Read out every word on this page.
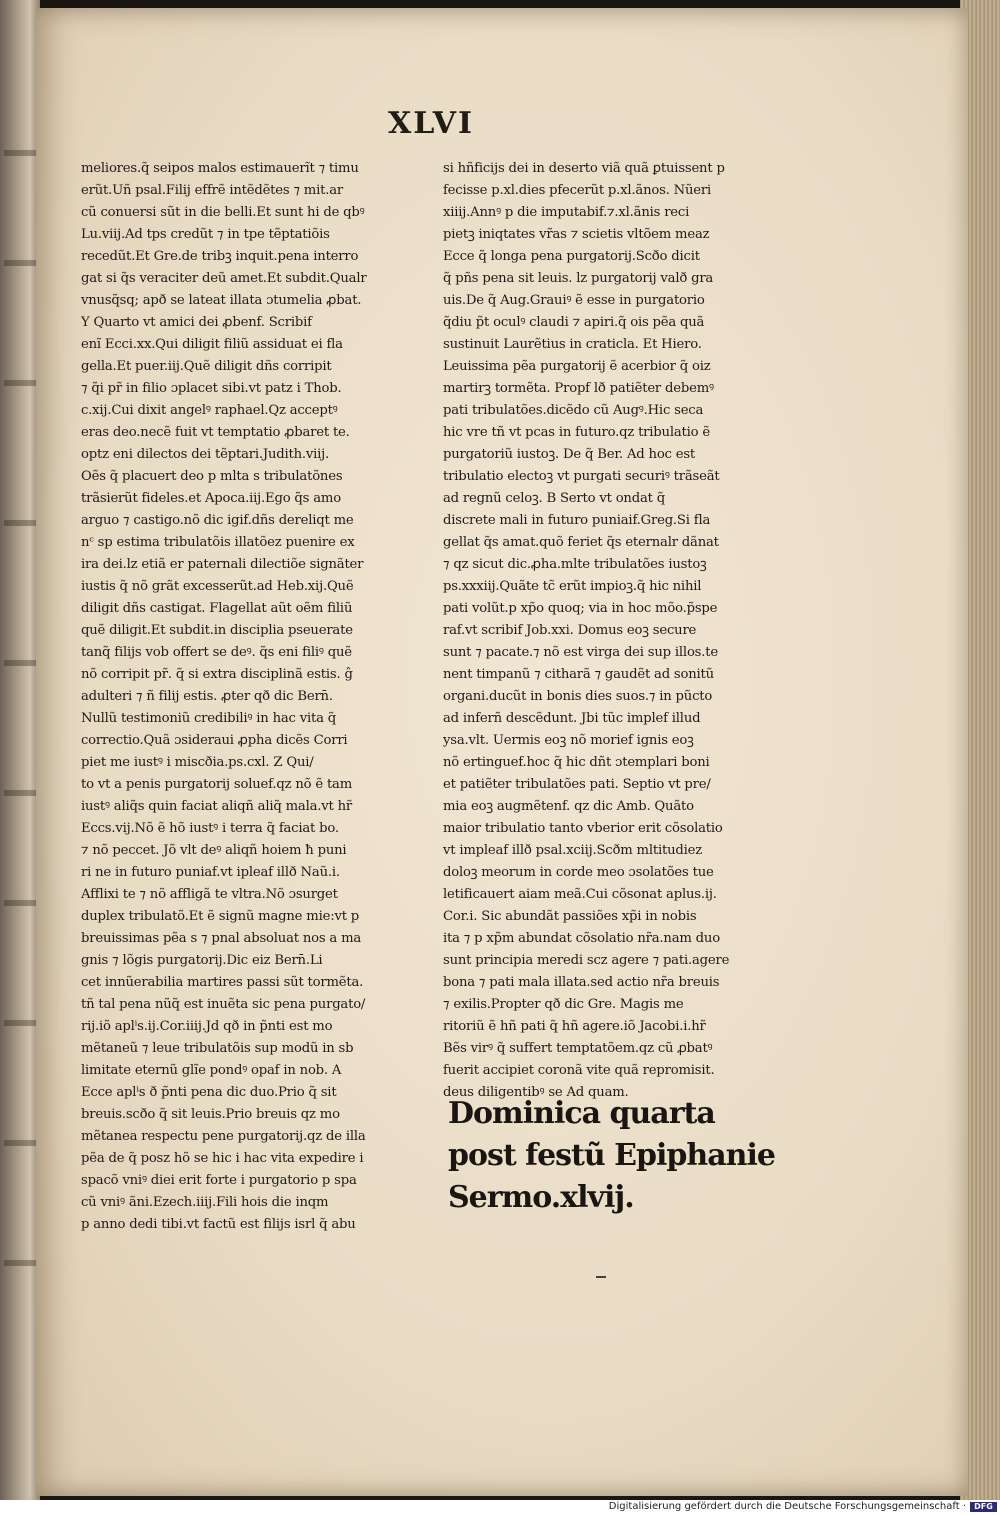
XLVI
meliores.q̃ seipos malos estimauerĩt ⁊ timu
erũt.Uñ psal.Filij effrẽ intẽdẽtes ⁊ mit.ar
cũ conuersi sũt in die belli.Et sunt hi de qbꝰ
Lu.viij.Ad tps credũt ⁊ in tpe tẽptatiõis
recedũt.Et Gre.de tribꝫ inquit.pena interro
gat si q̃s veraciter deũ amet.Et subdit.Qualr
vnusq̃sq; apð se lateat illata ɔtumelia ꝓbat.
Y Quarto vt amici dei ꝓbenf. Scribif
enĩ Ecci.xx.Qui diligit filiũ assiduat ei fla
gella.Et puer.iij.Quẽ diligit dñs corripit
⁊ q̃i pr̃ in filio ɔplacet sibi.vt patz i Thob.
c.xij.Cui dixit angelꝰ raphael.Qz acceptꝰ
eras deo.necẽ fuit vt temptatio ꝓbaret te.
optz eni dilectos dei tẽptari.Judith.viij.
Oẽs q̃ placuert deo p mlta s tribulatõnes
trãsierũt fideles.et Apoca.iij.Ego q̃s amo
arguo ⁊ castigo.nõ dic igif.dñs dereliqt me
nᶜ sp estima tribulatõis illatõez puenire ex
ira dei.lz etiã er paternali dilectiõe signãter
iustis q̃ nõ grãt excesserũt.ad Heb.xij.Quẽ
diligit dñs castigat. Flagellat aũt oẽm filiũ
quẽ diligit.Et subdit.in disciplia pseuerate
tanq̃ filijs vob offert se deꝰ. q̃s eni filiꝰ quẽ
nõ corripit pr̃. q̃ si extra disciplinã estis. ĝ
adulteri ⁊ ñ filij estis. ꝓter qð dic Bern̄.
Nullũ testimoniũ credibiliꝰ in hac vita q̃
correctio.Quã ɔsideraui ꝓpha dicẽs Corri
piet me iustꝰ i miscðia.ps.cxl. Z Qui/
to vt a penis purgatorij soluef.qz nõ ẽ tam
iustꝰ aliq̃s quin faciat aliqñ aliq̃ mala.vt hr̃
Eccs.vij.Nõ ẽ hõ iustꝰ i terra q̃ faciat bo.
⁊ nõ peccet. Jõ vlt deꝰ aliqñ hoiem ħ puni
ri ne in futuro puniaf.vt ipleaf illð Naũ.i.
Afflixi te ⁊ nõ affligã te vltra.Nõ ɔsurget
duplex tribulatõ.Et ẽ signũ magne mie:vt p
breuissimas pẽa s ⁊ pnal absoluat nos a ma
gnis ⁊ lõgis purgatorij.Dic eiz Bern̄.Li
cet innũerabilia martires passi sũt tormẽta.
tñ tal pena nũq̃ est inuẽta sic pena purgato/
rij.iõ aplⁱs.ij.Cor.iiij.Jd qð in p̃nti est mo
mẽtaneũ ⁊ leue tribulatõis sup modũ in sb
limitate eternũ glĩe pondꝰ opaf in nob. A
Ecce aplⁱs ð p̃nti pena dic duo.Prio q̃ sit
breuis.scðo q̃ sit leuis.Prio breuis qz mo
mẽtanea respectu pene purgatorij.qz de illa
pẽa de q̃ posz hõ se hic i hac vita expedire i
spacõ vniꝰ diei erit forte i purgatorio p spa
cũ vniꝰ ãni.Ezech.iiij.Fili hois die inqm
p anno dedi tibi.vt factũ est filijs isrl q̃ abu
si hñficijs dei in deserto viã quã ꝑtuissent p
fecisse p.xl.dies pfecerũt p.xl.ãnos. Nũeri
xiiij.Annꝰ p die imputabif.⁊.xl.ãnis reci
pietꝫ iniqtates vr̃as ⁊ scietis vltõem meaz
Ecce q̃ longa pena purgatorij.Scðo dicit
q̃ pñs pena sit leuis. lz purgatorij valð gra
uis.De q̃ Aug.Grauiꝰ ẽ esse in purgatorio
q̃diu p̃t oculꝰ claudi ⁊ apiri.q̃ ois pẽa quã
sustinuit Laurẽtius in craticla. Et Hiero.
Leuissima pẽa purgatorij ẽ acerbior q̃ oiz
martirꝫ tormẽta. Propf lð patiẽter debemꝰ
pati tribulatões.dicẽdo cũ Augꝰ.Hic seca
hic vre tñ vt pcas in futuro.qz tribulatio ẽ
purgatoriũ iustoꝫ. De q̃ Ber. Ad hoc est
tribulatio electoꝫ vt purgati securiꝰ trãseãt
ad regnũ celoꝫ. B Serto vt ondat q̃
discrete mali in futuro puniaif.Greg.Si fla
gellat q̃s amat.quõ feriet q̃s eternalr dãnat
⁊ qz sicut dic.ꝓha.mlte tribulatões iustoꝫ
ps.xxxiij.Quãte tc̃ erũt impioꝫ.q̃ hic nihil
pati volũt.p xp̃o quoq; via in hoc mõo.p̃spe
raf.vt scribif Job.xxi. Domus eoꝫ secure
sunt ⁊ pacate.⁊ nõ est virga dei sup illos.te
nent timpanũ ⁊ citharã ⁊ gaudẽt ad sonitũ
organi.ducũt in bonis dies suos.⁊ in pũcto
ad inferñ descẽdunt. Jbi tũc implef illud
ysa.vlt. Uermis eoꝫ nõ morief ignis eoꝫ
nõ ertinguef.hoc q̃ hic dñt ɔtemplari boni
et patiẽter tribulatões pati. Septio vt pre/
mia eoꝫ augmẽtenf. qz dic Amb. Quãto
maior tribulatio tanto vberior erit cõsolatio
vt impleaf illð psal.xciij.Scðm mltitudiez
doloꝫ meorum in corde meo ɔsolatões tue
letificauert aiam meã.Cui cõsonat aplus.ij.
Cor.i. Sic abundãt passiões xp̃i in nobis
ita ⁊ p xp̃m abundat cõsolatio nr̃a.nam duo
sunt principia meredi scz agere ⁊ pati.agere
bona ⁊ pati mala illata.sed actio nr̃a breuis
⁊ exilis.Propter qð dic Gre. Magis me
ritoriũ ẽ hñ pati q̃ hñ agere.iõ Jacobi.i.hr̃
Bẽs virꝰ q̃ suffert temptatõem.qz cũ ꝓbatꝰ
fuerit accipiet coronã vite quã repromisit.
deus diligentibꝰ se Ad quam.
Dominica quarta
post festũ Epiphanie
Sermo.xlvij.
Digitalisierung gefördert durch die Deutsche Forschungsgemeinschaft ·	DFG
